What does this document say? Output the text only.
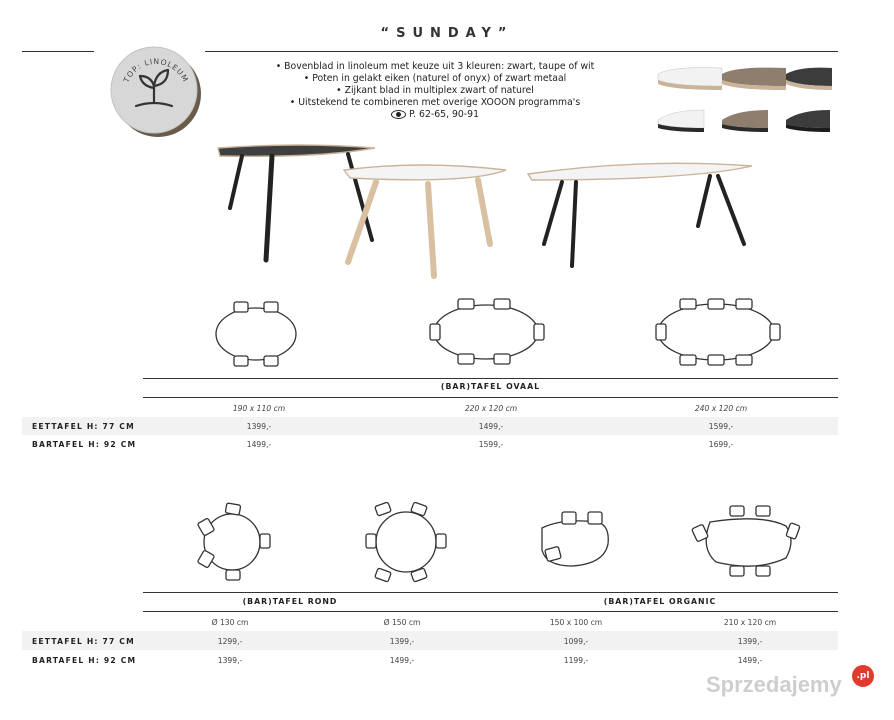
“SUNDAY”
TOP: LINOLEUM
• Bovenblad in linoleum met keuze uit 3 kleuren: zwart, taupe of wit
• Poten in gelakt eiken (naturel of onyx) of zwart metaal
• Zijkant blad in multiplex zwart of naturel
• Uitstekend te combineren met overige XOOON programma's
P. 62-65, 90-91
(BAR)TAFEL OVAAL
190 x 110 cm	220 x 120 cm	240 x 120 cm
EETTAFEL H: 77 CM	1399,-	1499,-	1599,-
BARTAFEL H: 92 CM	1499,-	1599,-	1699,-
(BAR)TAFEL ROND	(BAR)TAFEL ORGANIC
Ø 130 cm	Ø 150 cm	150 x 100 cm	210 x 120 cm
EETTAFEL H: 77 CM	1299,-	1399,-	1099,-	1399,-
BARTAFEL H: 92 CM	1399,-	1499,-	1199,-	1499,-
Sprzedajemy	.pl
